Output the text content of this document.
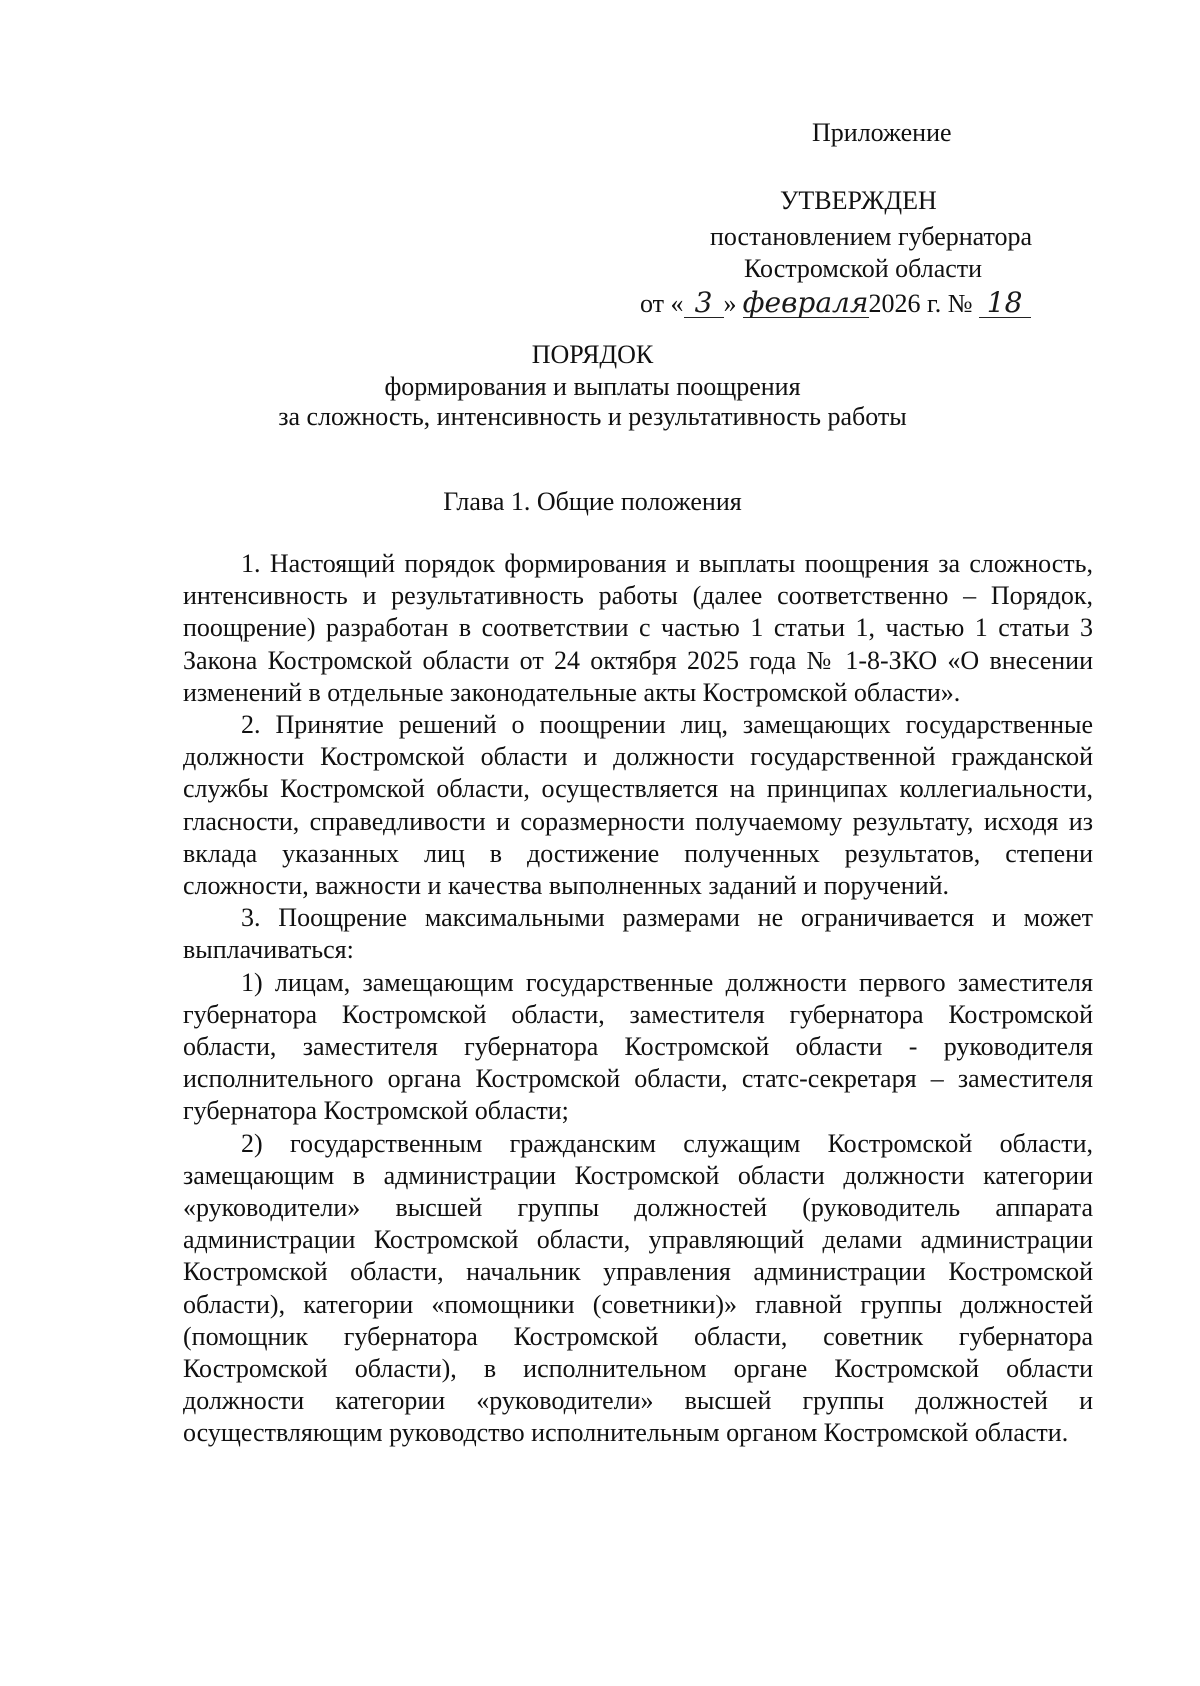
Приложение
УТВЕРЖДЕН
постановлением губернатора
Костромской области
от « 3 » февраля 2026 г. № 18
ПОРЯДОК
формирования и выплаты поощрения
за сложность, интенсивность и результативность работы
Глава 1. Общие положения

1. Настоящий порядок формирования и выплаты поощрения за сложность, интенсивность и результативность работы (далее соответственно – Порядок, поощрение) разработан в соответствии с частью 1 статьи 1, частью 1 статьи 3 Закона Костромской области от 24 октября 2025 года № 1-8-ЗКО «О внесении изменений в отдельные законодательные акты Костромской области».

2. Принятие решений о поощрении лиц, замещающих государственные должности Костромской области и должности государственной гражданской службы Костромской области, осуществляется на принципах коллегиальности, гласности, справедливости и соразмерности получаемому результату, исходя из вклада указанных лиц в достижение полученных результатов, степени сложности, важности и качества выполненных заданий и поручений.

3. Поощрение максимальными размерами не ограничивается и может выплачиваться:

1) лицам, замещающим государственные должности первого заместителя губернатора Костромской области, заместителя губернатора Костромской области, заместителя губернатора Костромской области - руководителя исполнительного органа Костромской области, статс-секретаря – заместителя губернатора Костромской области;

2) государственным гражданским служащим Костромской области, замещающим в администрации Костромской области должности категории «руководители» высшей группы должностей (руководитель аппарата администрации Костромской области, управляющий делами администрации Костромской области, начальник управления администрации Костромской области), категории «помощники (советники)» главной группы должностей (помощник губернатора Костромской области, советник губернатора Костромской области), в исполнительном органе Костромской области должности категории «руководители» высшей группы должностей и осуществляющим руководство исполнительным органом Костромской области.
